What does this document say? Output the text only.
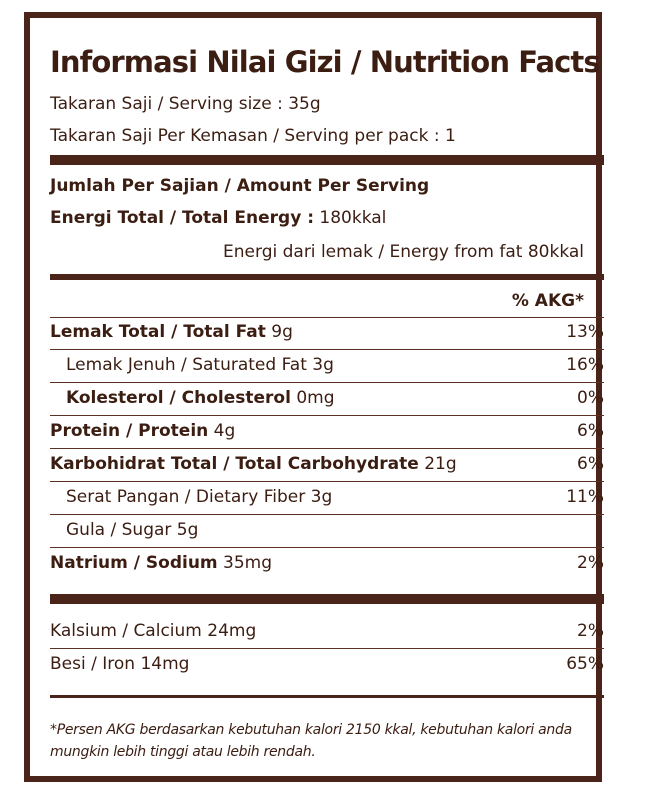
Informasi Nilai Gizi / Nutrition Facts
Takaran Saji / Serving size : 35g
Takaran Saji Per Kemasan / Serving per pack : 1
Jumlah Per Sajian / Amount Per Serving
Energi Total / Total Energy : 180kkal
Energi dari lemak / Energy from fat 80kkal
% AKG*
Lemak Total / Total Fat 9g	13%
Lemak Jenuh / Saturated Fat 3g	16%
Kolesterol / Cholesterol 0mg	0%
Protein / Protein 4g	6%
Karbohidrat Total / Total Carbohydrate 21g	6%
Serat Pangan / Dietary Fiber 3g	11%
Gula / Sugar 5g
Natrium / Sodium 35mg	2%
Kalsium / Calcium 24mg	2%
Besi / Iron 14mg	65%
*Persen AKG berdasarkan kebutuhan kalori 2150 kkal, kebutuhan kalori anda mungkin lebih tinggi atau lebih rendah.
